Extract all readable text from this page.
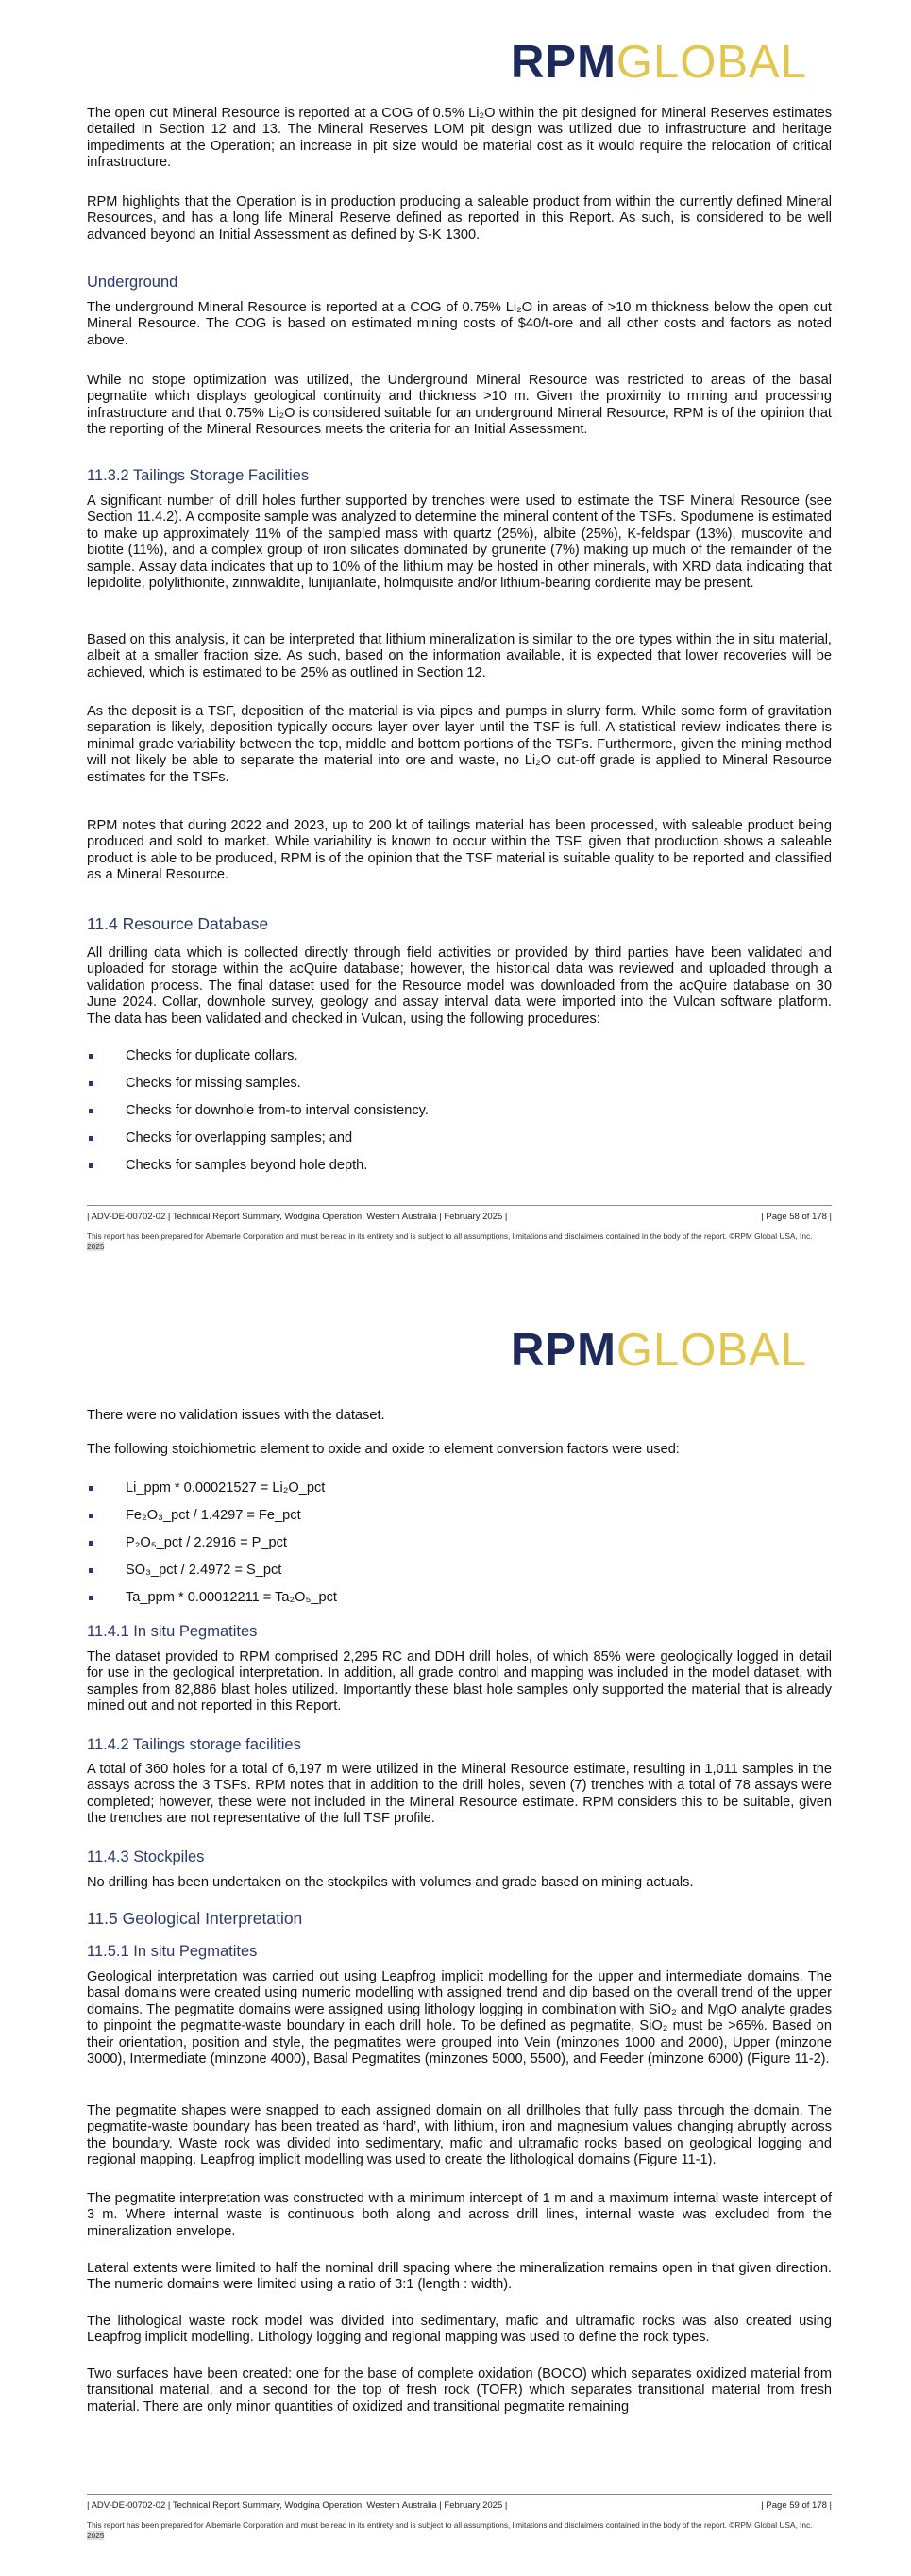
RPM GLOBAL

The open cut Mineral Resource is reported at a COG of 0.5% Li₂O within the pit designed for Mineral Reserves estimates detailed in Section 12 and 13. The Mineral Reserves LOM pit design was utilized due to infrastructure and heritage impediments at the Operation; an increase in pit size would be material cost as it would require the relocation of critical infrastructure.

RPM highlights that the Operation is in production producing a saleable product from within the currently defined Mineral Resources, and has a long life Mineral Reserve defined as reported in this Report. As such, is considered to be well advanced beyond an Initial Assessment as defined by S-K 1300.

Underground

The underground Mineral Resource is reported at a COG of 0.75% Li₂O in areas of >10 m thickness below the open cut Mineral Resource. The COG is based on estimated mining costs of $40/t-ore and all other costs and factors as noted above.

While no stope optimization was utilized, the Underground Mineral Resource was restricted to areas of the basal pegmatite which displays geological continuity and thickness >10 m. Given the proximity to mining and processing infrastructure and that 0.75% Li₂O is considered suitable for an underground Mineral Resource, RPM is of the opinion that the reporting of the Mineral Resources meets the criteria for an Initial Assessment.

11.3.2 Tailings Storage Facilities

A significant number of drill holes further supported by trenches were used to estimate the TSF Mineral Resource (see Section 11.4.2). A composite sample was analyzed to determine the mineral content of the TSFs. Spodumene is estimated to make up approximately 11% of the sampled mass with quartz (25%), albite (25%), K-feldspar (13%), muscovite and biotite (11%), and a complex group of iron silicates dominated by grunerite (7%) making up much of the remainder of the sample. Assay data indicates that up to 10% of the lithium may be hosted in other minerals, with XRD data indicating that lepidolite, polylithionite, zinnwaldite, lunijianlaite, holmquisite and/or lithium-bearing cordierite may be present.

Based on this analysis, it can be interpreted that lithium mineralization is similar to the ore types within the in situ material, albeit at a smaller fraction size. As such, based on the information available, it is expected that lower recoveries will be achieved, which is estimated to be 25% as outlined in Section 12.

As the deposit is a TSF, deposition of the material is via pipes and pumps in slurry form. While some form of gravitation separation is likely, deposition typically occurs layer over layer until the TSF is full. A statistical review indicates there is minimal grade variability between the top, middle and bottom portions of the TSFs. Furthermore, given the mining method will not likely be able to separate the material into ore and waste, no Li₂O cut-off grade is applied to Mineral Resource estimates for the TSFs.

RPM notes that during 2022 and 2023, up to 200 kt of tailings material has been processed, with saleable product being produced and sold to market. While variability is known to occur within the TSF, given that production shows a saleable product is able to be produced, RPM is of the opinion that the TSF material is suitable quality to be reported and classified as a Mineral Resource.

11.4 Resource Database

All drilling data which is collected directly through field activities or provided by third parties have been validated and uploaded for storage within the acQuire database; however, the historical data was reviewed and uploaded through a validation process. The final dataset used for the Resource model was downloaded from the acQuire database on 30 June 2024. Collar, downhole survey, geology and assay interval data were imported into the Vulcan software platform. The data has been validated and checked in Vulcan, using the following procedures:

Checks for duplicate collars.
Checks for missing samples.
Checks for downhole from-to interval consistency.
Checks for overlapping samples; and
Checks for samples beyond hole depth.
| ADV-DE-00702-02 | Technical Report Summary, Wodgina Operation, Western Australia | February 2025 |	| Page 58 of 178 |
This report has been prepared for Albemarle Corporation and must be read in its entirety and is subject to all assumptions, limitations and disclaimers contained in the body of the report. ©RPM Global USA, Inc. 2025
RPM GLOBAL

There were no validation issues with the dataset.

The following stoichiometric element to oxide and oxide to element conversion factors were used:

Li_ppm * 0.00021527 = Li₂O_pct
Fe₂O₃_pct / 1.4297 = Fe_pct
P₂O₅_pct / 2.2916 = P_pct
SO₃_pct / 2.4972 = S_pct
Ta_ppm * 0.00012211 = Ta₂O₅_pct
11.4.1 In situ Pegmatites

The dataset provided to RPM comprised 2,295 RC and DDH drill holes, of which 85% were geologically logged in detail for use in the geological interpretation. In addition, all grade control and mapping was included in the model dataset, with samples from 82,886 blast holes utilized. Importantly these blast hole samples only supported the material that is already mined out and not reported in this Report.

11.4.2 Tailings storage facilities

A total of 360 holes for a total of 6,197 m were utilized in the Mineral Resource estimate, resulting in 1,011 samples in the assays across the 3 TSFs. RPM notes that in addition to the drill holes, seven (7) trenches with a total of 78 assays were completed; however, these were not included in the Mineral Resource estimate. RPM considers this to be suitable, given the trenches are not representative of the full TSF profile.

11.4.3 Stockpiles

No drilling has been undertaken on the stockpiles with volumes and grade based on mining actuals.

11.5 Geological Interpretation
11.5.1 In situ Pegmatites

Geological interpretation was carried out using Leapfrog implicit modelling for the upper and intermediate domains. The basal domains were created using numeric modelling with assigned trend and dip based on the overall trend of the upper domains. The pegmatite domains were assigned using lithology logging in combination with SiO₂ and MgO analyte grades to pinpoint the pegmatite-waste boundary in each drill hole. To be defined as pegmatite, SiO₂ must be >65%. Based on their orientation, position and style, the pegmatites were grouped into Vein (minzones 1000 and 2000), Upper (minzone 3000), Intermediate (minzone 4000), Basal Pegmatites (minzones 5000, 5500), and Feeder (minzone 6000) (Figure 11-2).

The pegmatite shapes were snapped to each assigned domain on all drillholes that fully pass through the domain. The pegmatite-waste boundary has been treated as ‘hard’, with lithium, iron and magnesium values changing abruptly across the boundary. Waste rock was divided into sedimentary, mafic and ultramafic rocks based on geological logging and regional mapping. Leapfrog implicit modelling was used to create the lithological domains (Figure 11-1).

The pegmatite interpretation was constructed with a minimum intercept of 1 m and a maximum internal waste intercept of 3 m. Where internal waste is continuous both along and across drill lines, internal waste was excluded from the mineralization envelope.

Lateral extents were limited to half the nominal drill spacing where the mineralization remains open in that given direction. The numeric domains were limited using a ratio of 3:1 (length : width).

The lithological waste rock model was divided into sedimentary, mafic and ultramafic rocks was also created using Leapfrog implicit modelling. Lithology logging and regional mapping was used to define the rock types.

Two surfaces have been created: one for the base of complete oxidation (BOCO) which separates oxidized material from transitional material, and a second for the top of fresh rock (TOFR) which separates transitional material from fresh material. There are only minor quantities of oxidized and transitional pegmatite remaining

| ADV-DE-00702-02 | Technical Report Summary, Wodgina Operation, Western Australia | February 2025 |	| Page 59 of 178 |
This report has been prepared for Albemarle Corporation and must be read in its entirety and is subject to all assumptions, limitations and disclaimers contained in the body of the report. ©RPM Global USA, Inc. 2025
